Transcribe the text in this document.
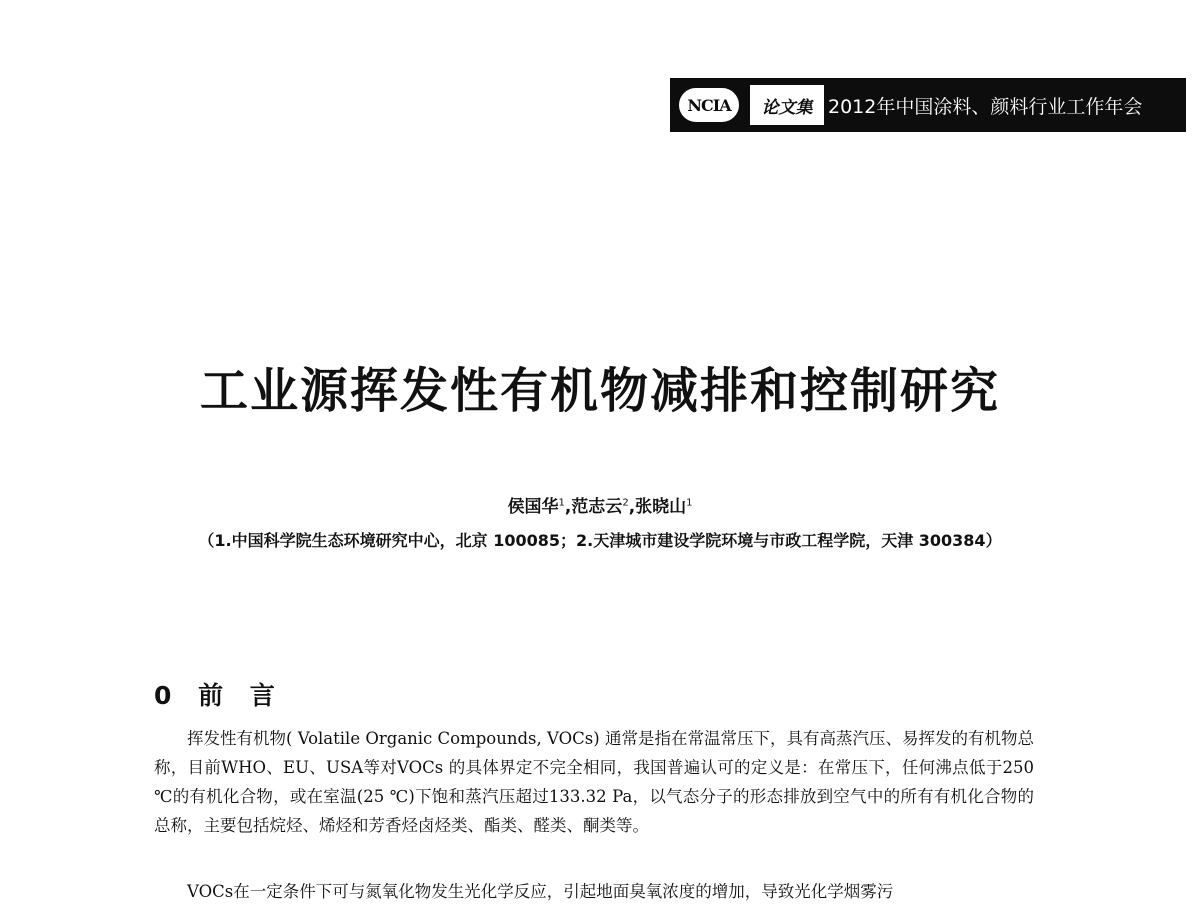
NCIA 论文集 2012年中国涂料、颜料行业工作年会
工业源挥发性有机物减排和控制研究
侯国华$^1$,范志云$^2$,张晓山$^1$
（1.中国科学院生态环境研究中心，北京 100085；2.天津城市建设学院环境与市政工程学院，天津 300384）
0 前 言

挥发性有机物( Volatile Organic Compounds, VOCs) 通常是指在常温常压下，具有高蒸汽压、易挥发的有机物总称，目前WHO、EU、USA等对VOCs 的具体界定不完全相同，我国普遍认可的定义是：在常压下，任何沸点低于250 ℃的有机化合物，或在室温(25 ℃)下饱和蒸汽压超过133.32 Pa，以气态分子的形态排放到空气中的所有有机化合物的总称，主要包括烷烃、烯烃和芳香烃卤烃类、酯类、醛类、酮类等。

VOCs在一定条件下可与氮氧化物发生光化学反应，引起地面臭氧浓度的增加，导致光化学烟雾污
